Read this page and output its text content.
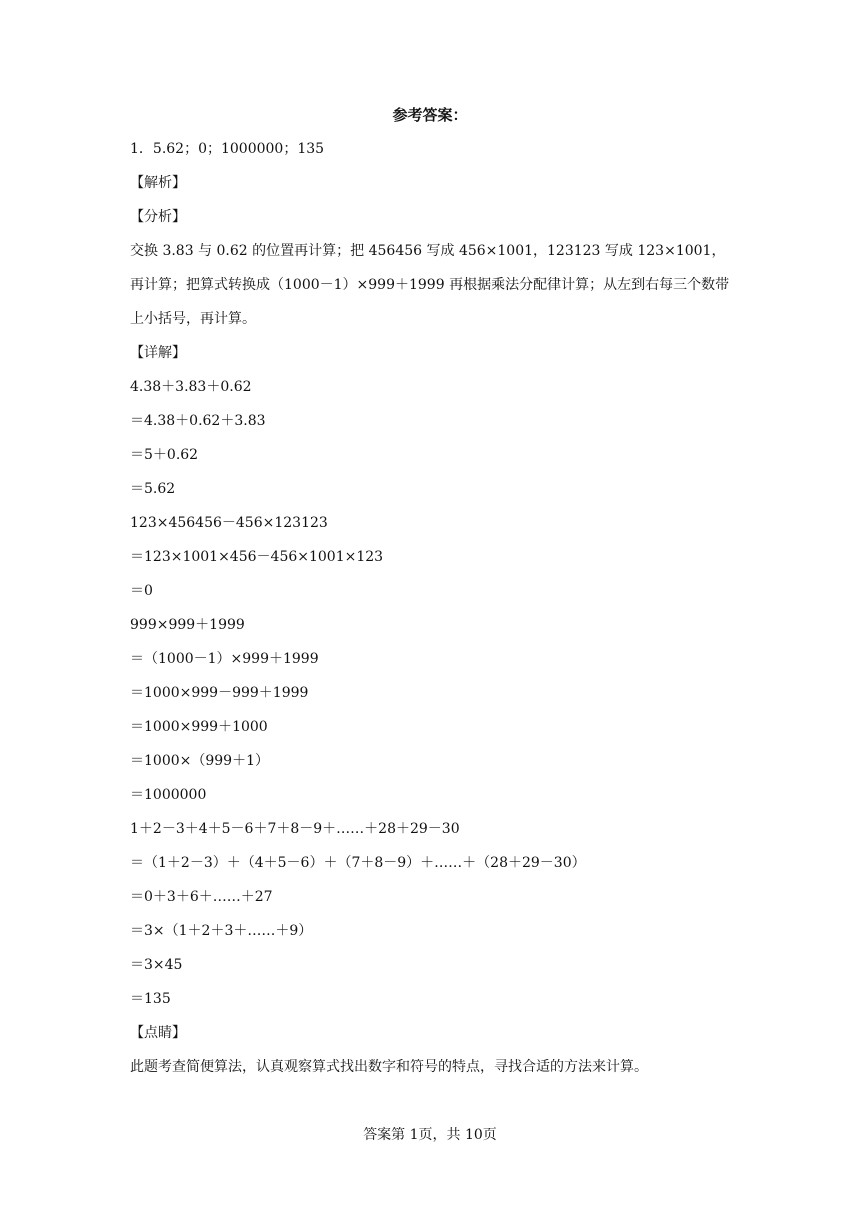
参考答案：
1．5.62；0；1000000；135
【解析】
【分析】
交换 3.83 与 0.62 的位置再计算；把 456456 写成 456×1001，123123 写成 123×1001，再计算；把算式转换成（1000－1）×999＋1999 再根据乘法分配律计算；从左到右每三个数带上小括号，再计算。
【详解】
4.38＋3.83＋0.62
＝4.38＋0.62＋3.83
＝5＋0.62
＝5.62
123×456456－456×123123
＝123×1001×456－456×1001×123
＝0
999×999＋1999
＝（1000－1）×999＋1999
＝1000×999－999＋1999
＝1000×999＋1000
＝1000×（999＋1）
＝1000000
1＋2－3＋4＋5－6＋7＋8－9＋……＋28＋29－30
＝（1＋2－3）＋（4＋5－6）＋（7＋8－9）＋……＋（28＋29－30）
＝0＋3＋6＋……＋27
＝3×（1＋2＋3＋……＋9）
＝3×45
＝135
【点睛】
此题考查简便算法，认真观察算式找出数字和符号的特点，寻找合适的方法来计算。
答案第 1页，共 10页
